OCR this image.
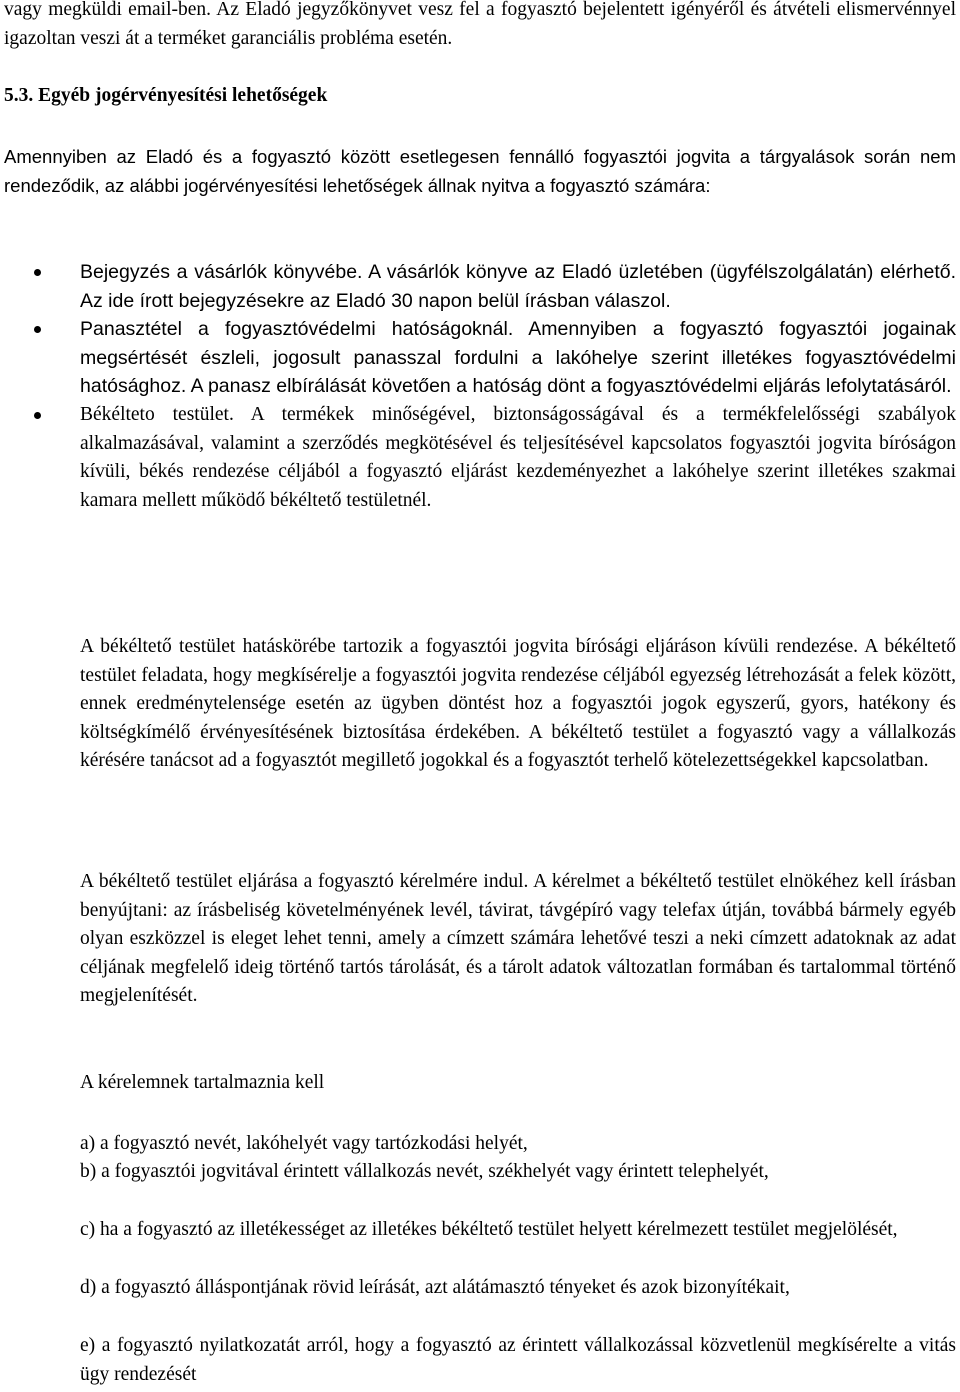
vagy megküldi email-ben. Az Eladó jegyzőkönyvet vesz fel a fogyasztó bejelentett igényéről és átvételi elismervénnyel igazoltan veszi át a terméket garanciális probléma esetén.

5.3. Egyéb jogérvényesítési lehetőségek

Amennyiben az Eladó és a fogyasztó között esetlegesen fennálló fogyasztói jogvita a tárgyalások során nem rendeződik, az alábbi jogérvényesítési lehetőségek állnak nyitva a fogyasztó számára:

Bejegyzés a vásárlók könyvébe. A vásárlók könyve az Eladó üzletében (ügyfélszolgálatán) elérhető. Az ide írott bejegyzésekre az Eladó 30 napon belül írásban válaszol.
Panasztétel a fogyasztóvédelmi hatóságoknál. Amennyiben a fogyasztó fogyasztói jogainak megsértését észleli, jogosult panasszal fordulni a lakóhelye szerint illetékes fogyasztóvédelmi hatósághoz. A panasz elbírálását követően a hatóság dönt a fogyasztóvédelmi eljárás lefolytatásáról.
Békélteto testület. A termékek minőségével, biztonságosságával és a termékfelelősségi szabályok alkalmazásával, valamint a szerződés megkötésével és teljesítésével kapcsolatos fogyasztói jogvita bíróságon kívüli, békés rendezése céljából a fogyasztó eljárást kezdeményezhet a lakóhelye szerint illetékes szakmai kamara mellett működő békéltető testületnél.

A békéltető testület hatáskörébe tartozik a fogyasztói jogvita bírósági eljáráson kívüli rendezése. A békéltető testület feladata, hogy megkísérelje a fogyasztói jogvita rendezése céljából egyezség létrehozását a felek között, ennek eredménytelensége esetén az ügyben döntést hoz a fogyasztói jogok egyszerű, gyors, hatékony és költségkímélő érvényesítésének biztosítása érdekében. A békéltető testület a fogyasztó vagy a vállalkozás kérésére tanácsot ad a fogyasztót megillető jogokkal és a fogyasztót terhelő kötelezettségekkel kapcsolatban.

A békéltető testület eljárása a fogyasztó kérelmére indul. A kérelmet a békéltető testület elnökéhez kell írásban benyújtani: az írásbeliség követelményének levél, távirat, távgépíró vagy telefax útján, továbbá bármely egyéb olyan eszközzel is eleget lehet tenni, amely a címzett számára lehetővé teszi a neki címzett adatoknak az adat céljának megfelelő ideig történő tartós tárolását, és a tárolt adatok változatlan formában és tartalommal történő megjelenítését.

A kérelemnek tartalmaznia kell

a) a fogyasztó nevét, lakóhelyét vagy tartózkodási helyét,

b) a fogyasztói jogvitával érintett vállalkozás nevét, székhelyét vagy érintett telephelyét,

c) ha a fogyasztó az illetékességet az illetékes békéltető testület helyett kérelmezett testület megjelölését,

d) a fogyasztó álláspontjának rövid leírását, azt alátámasztó tényeket és azok bizonyítékait,

e) a fogyasztó nyilatkozatát arról, hogy a fogyasztó az érintett vállalkozással közvetlenül megkísérelte a vitás ügy rendezését
